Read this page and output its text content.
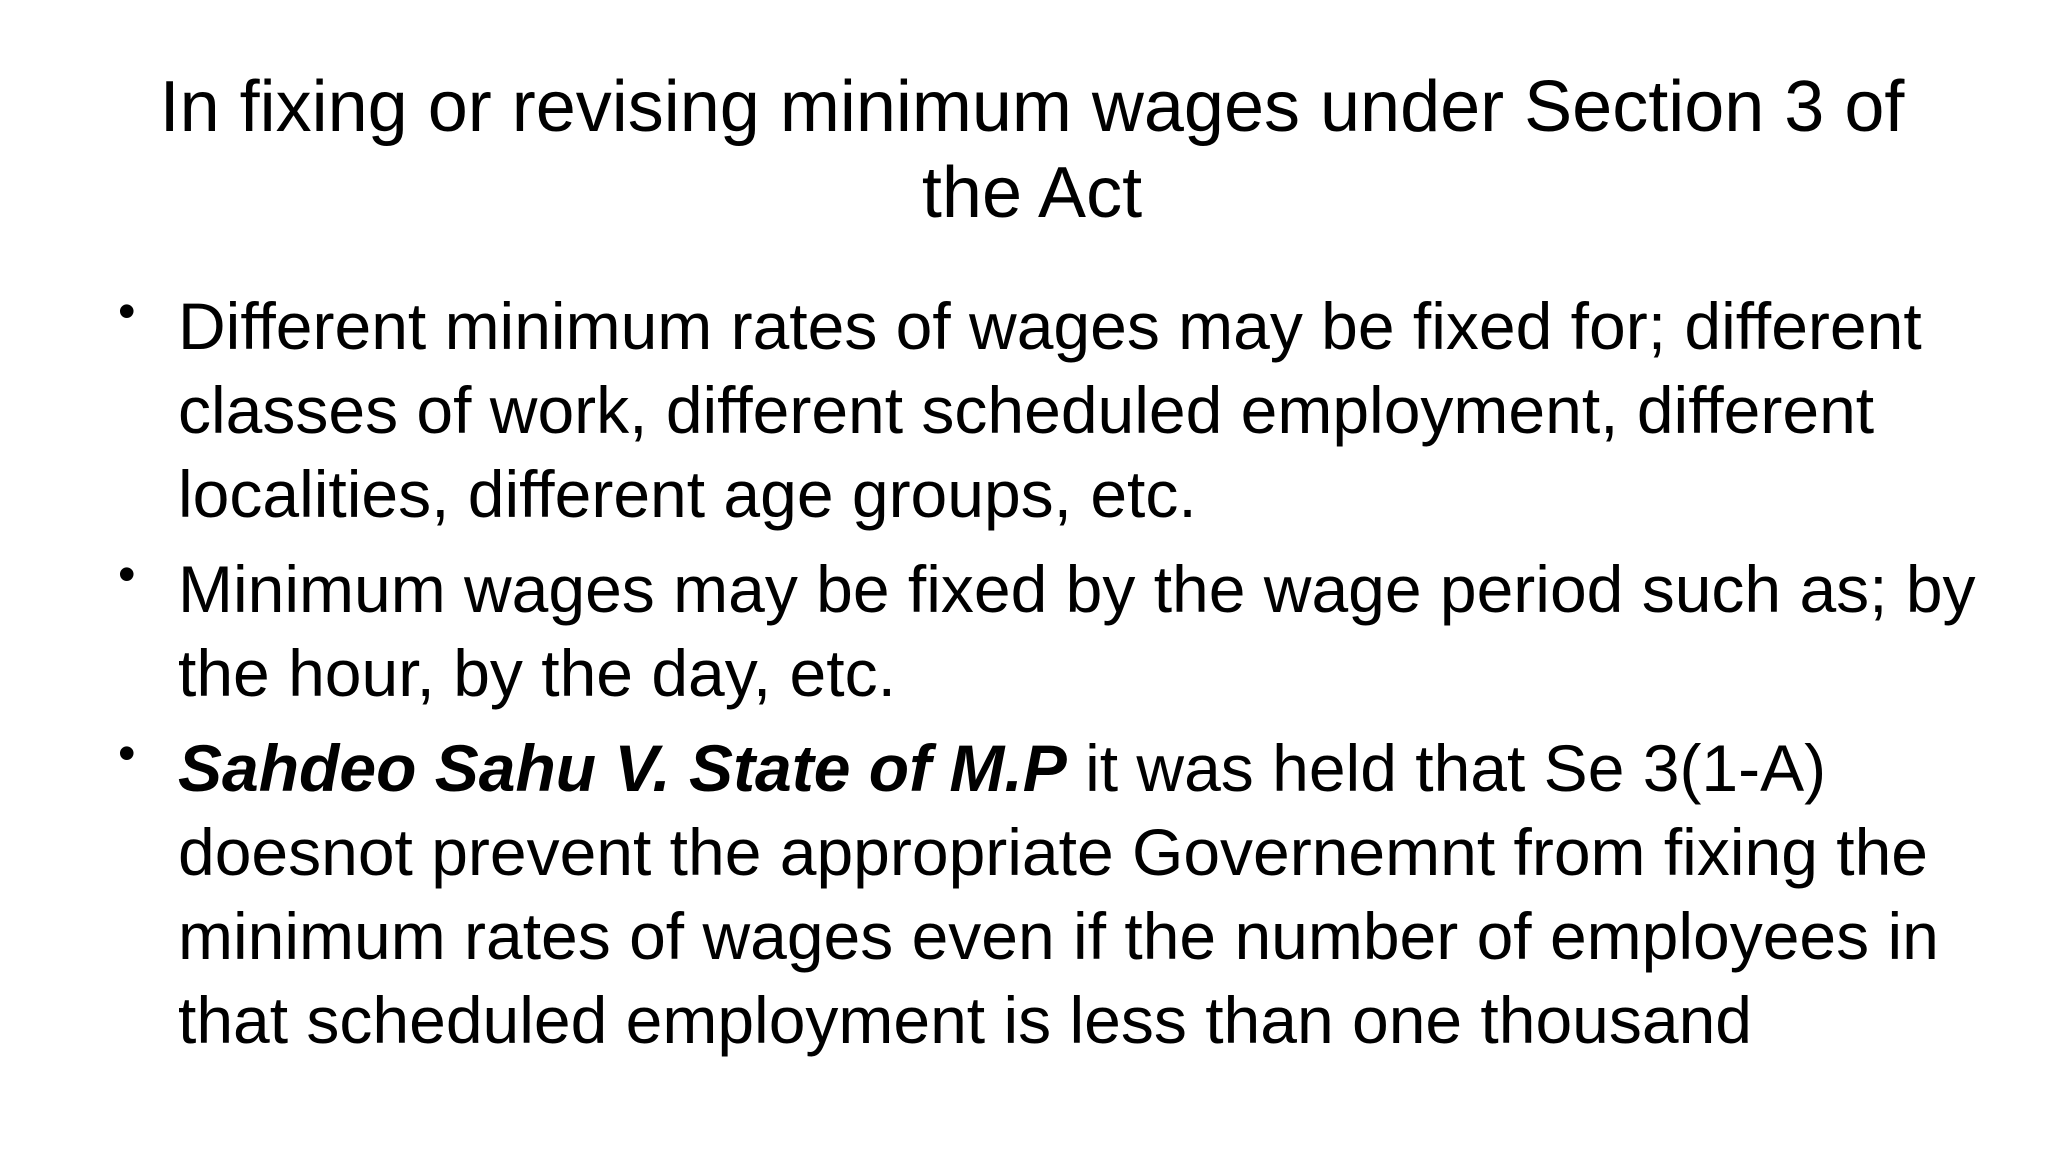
In fixing or revising minimum wages under Section 3 of the Act
• Different minimum rates of wages may be fixed for; different classes of work, different scheduled employment, different localities, different age groups, etc.
• Minimum wages may be fixed by the wage period such as; by the hour, by the day, etc.
• Sahdeo Sahu V. State of M.P it was held that Se 3(1-A) doesnot prevent the appropriate Governemnt from fixing the minimum rates of wages even if the number of employees in that scheduled employment is less than one thousand
